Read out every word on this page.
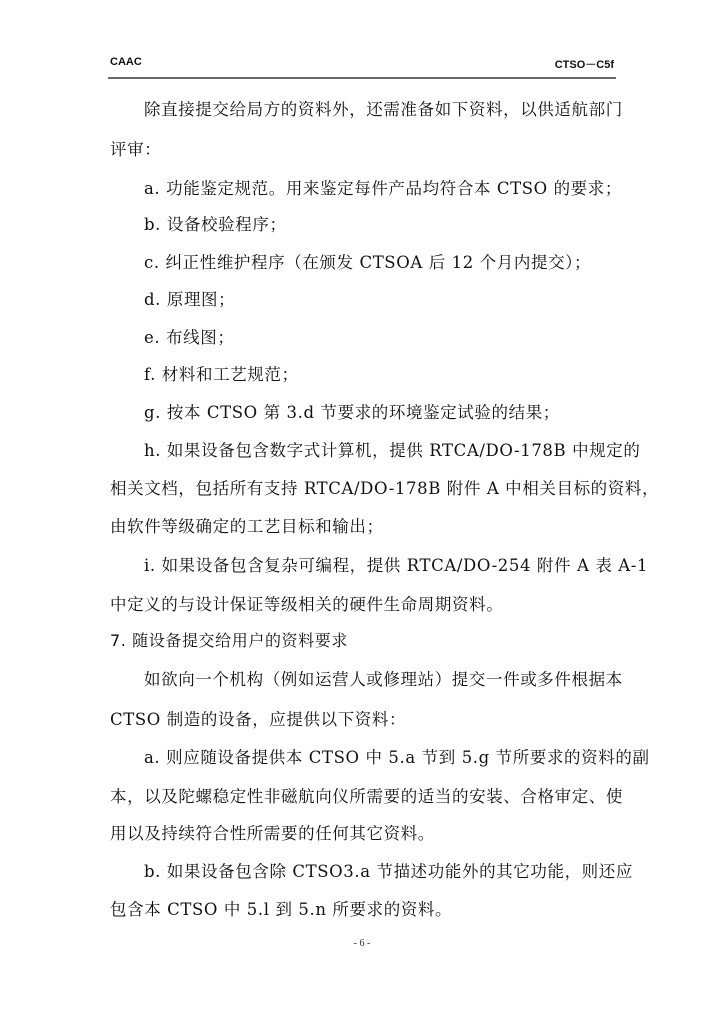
CAAC	CTSO－C5f
除直接提交给局方的资料外，还需准备如下资料，以供适航部门
评审：
a. 功能鉴定规范。用来鉴定每件产品均符合本 CTSO 的要求；
b. 设备校验程序；
c. 纠正性维护程序（在颁发 CTSOA 后 12 个月内提交）；
d. 原理图；
e. 布线图；
f. 材料和工艺规范；
g. 按本 CTSO 第 3.d 节要求的环境鉴定试验的结果；
h. 如果设备包含数字式计算机，提供 RTCA/DO-178B 中规定的
相关文档，包括所有支持 RTCA/DO-178B 附件 A 中相关目标的资料，
由软件等级确定的工艺目标和输出；
i. 如果设备包含复杂可编程，提供 RTCA/DO-254 附件 A 表 A-1
中定义的与设计保证等级相关的硬件生命周期资料。
7. 随设备提交给用户的资料要求
如欲向一个机构（例如运营人或修理站）提交一件或多件根据本
CTSO 制造的设备，应提供以下资料：
a. 则应随设备提供本 CTSO 中 5.a 节到 5.g 节所要求的资料的副
本，以及陀螺稳定性非磁航向仪所需要的适当的安装、合格审定、使
用以及持续符合性所需要的任何其它资料。
b. 如果设备包含除 CTSO3.a 节描述功能外的其它功能，则还应
包含本 CTSO 中 5.l 到 5.n 所要求的资料。
- 6 -
